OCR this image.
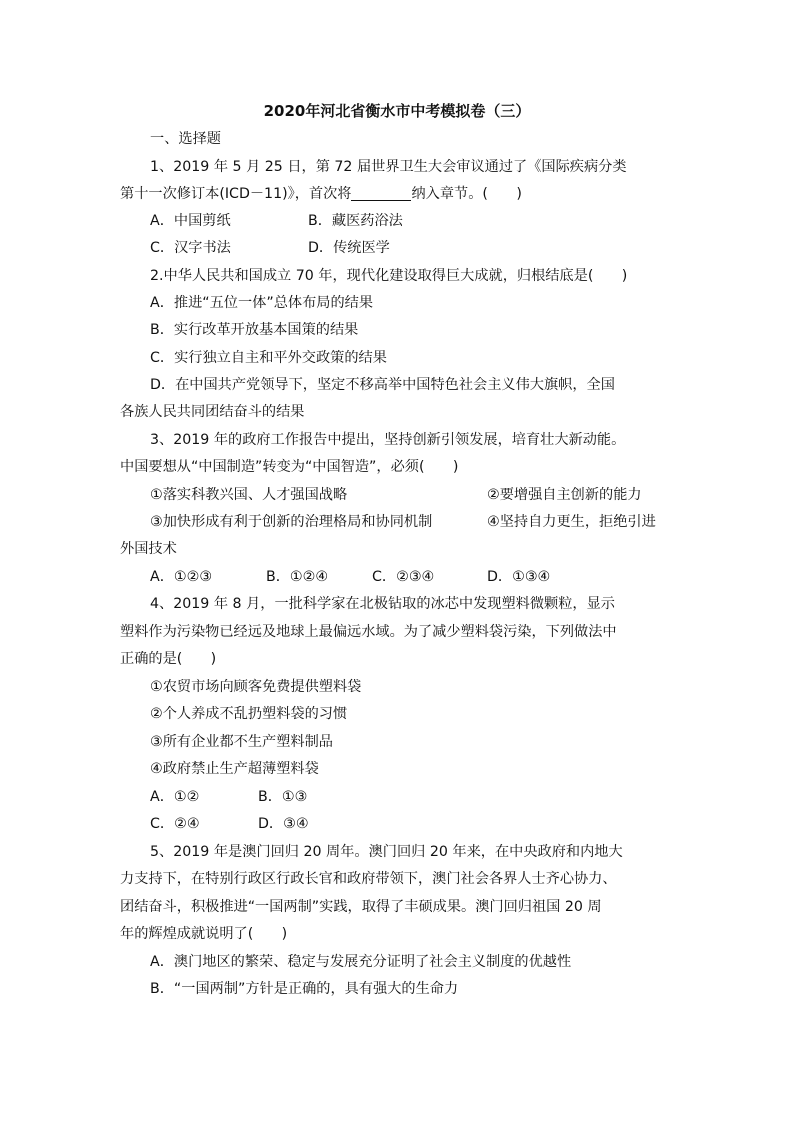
2020年河北省衡水市中考模拟卷（三）
一、选择题
1、2019 年 5 月 25 日，第 72 届世界卫生大会审议通过了《国际疾病分类
第十一次修订本(ICD－11)》，首次将	纳入章节。(　　)
A．中国剪纸	B．藏医药浴法
C．汉字书法	D．传统医学
2.中华人民共和国成立 70 年，现代化建设取得巨大成就，归根结底是(　　)
A．推进“五位一体”总体布局的结果
B．实行改革开放基本国策的结果
C．实行独立自主和平外交政策的结果
D．在中国共产党领导下，坚定不移高举中国特色社会主义伟大旗帜，全国
各族人民共同团结奋斗的结果
3、2019 年的政府工作报告中提出，坚持创新引领发展，培育壮大新动能。
中国要想从“中国制造”转变为“中国智造”，必须(　　)
①落实科教兴国、人才强国战略	②要增强自主创新的能力
③加快形成有利于创新的治理格局和协同机制	④坚持自力更生，拒绝引进
外国技术
A．①②③	B．①②④	C．②③④	D．①③④
4、2019 年 8 月，一批科学家在北极钻取的冰芯中发现塑料微颗粒，显示
塑料作为污染物已经远及地球上最偏远水域。为了减少塑料袋污染，下列做法中
正确的是(　　)
①农贸市场向顾客免费提供塑料袋
②个人养成不乱扔塑料袋的习惯
③所有企业都不生产塑料制品
④政府禁止生产超薄塑料袋
A．①②	B．①③
C．②④	D．③④
5、2019 年是澳门回归 20 周年。澳门回归 20 年来，在中央政府和内地大
力支持下，在特别行政区行政长官和政府带领下，澳门社会各界人士齐心协力、
团结奋斗，积极推进“一国两制”实践，取得了丰硕成果。澳门回归祖国 20 周
年的辉煌成就说明了(　　)
A．澳门地区的繁荣、稳定与发展充分证明了社会主义制度的优越性
B．“一国两制”方针是正确的，具有强大的生命力
